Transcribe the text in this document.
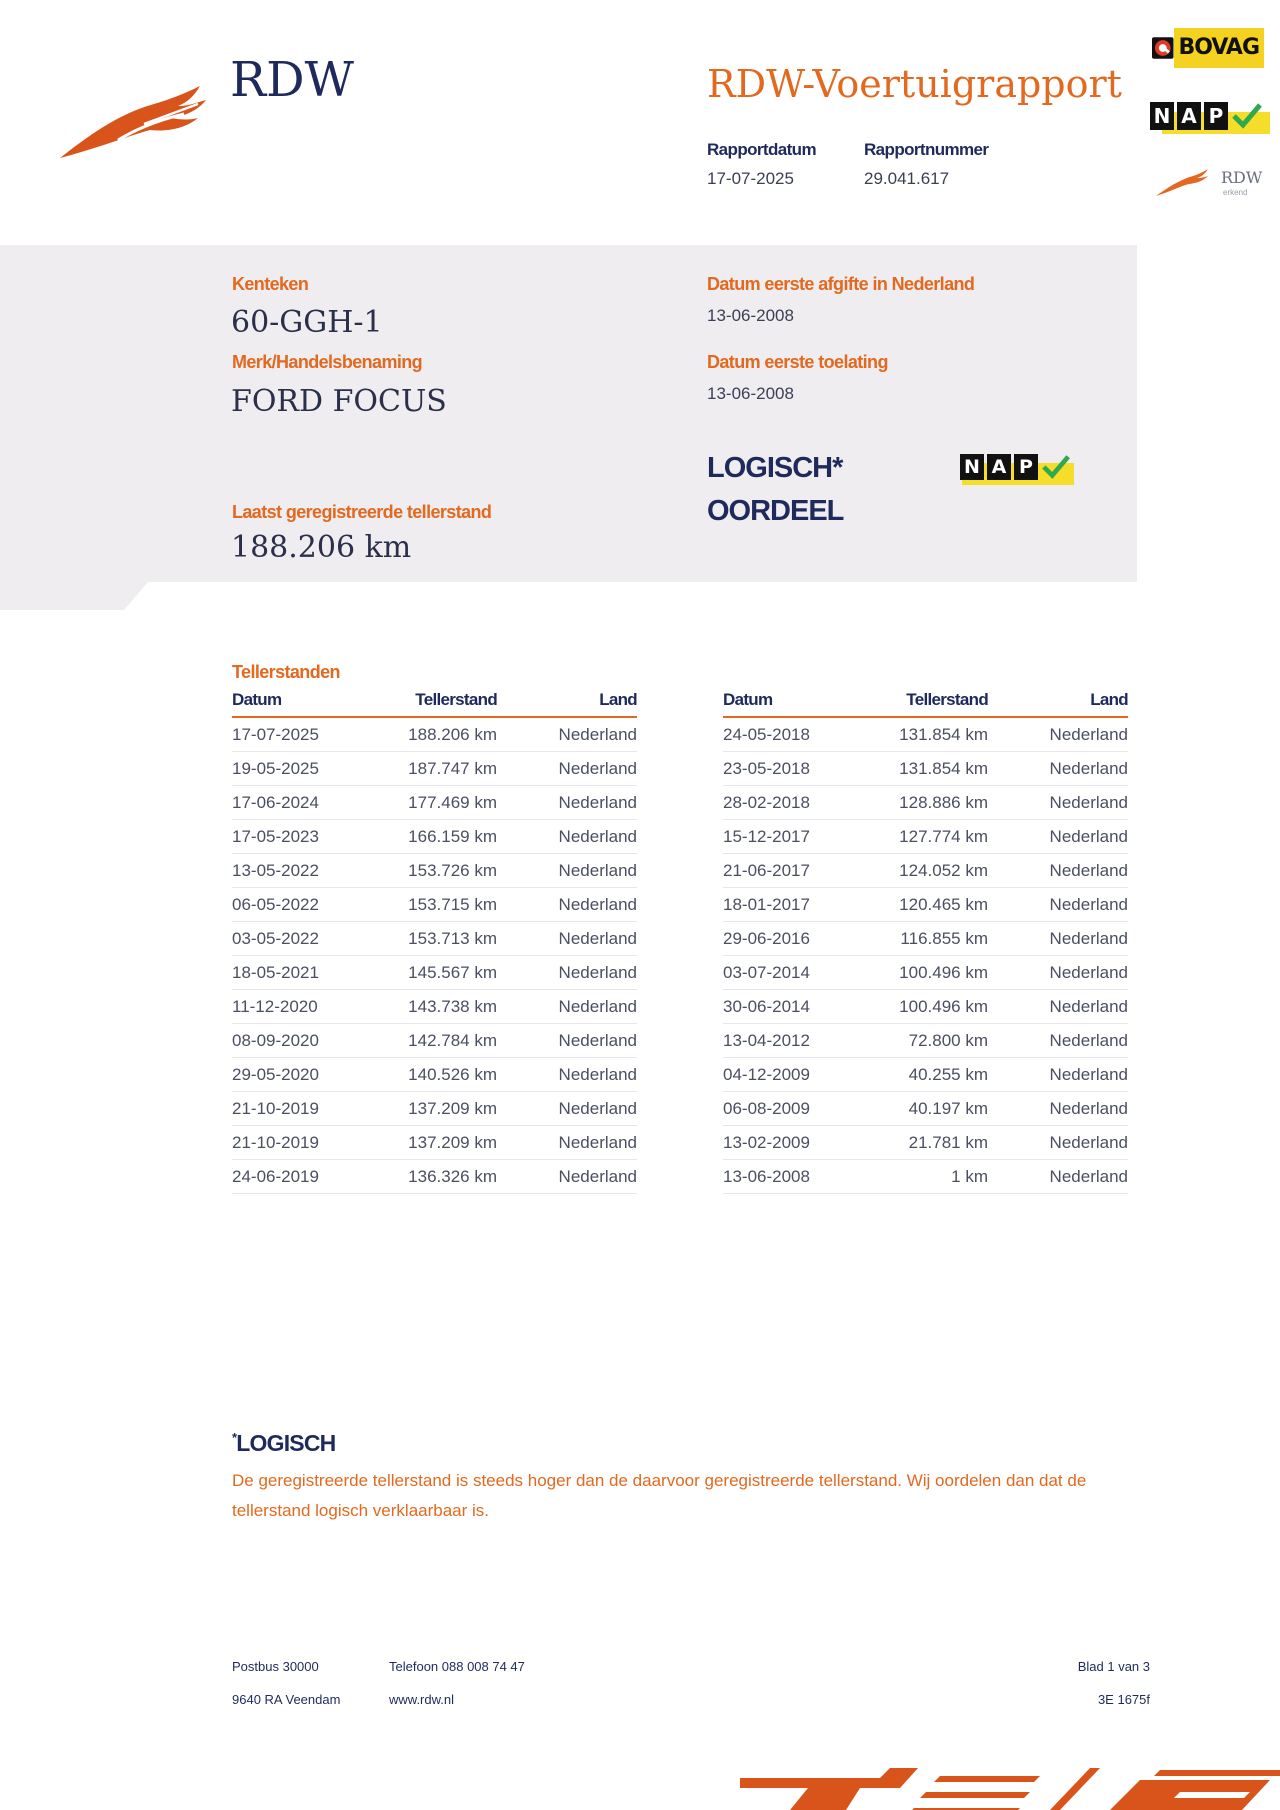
RDW	RDW-Voertuigrapport
Rapportdatum
17-07-2025
Rapportnummer
29.041.617
BOVAG
N A P
RDW
erkend
Kenteken
60-GGH-1
Merk/Handelsbenaming
FORD FOCUS
Laatst geregistreerde tellerstand
188.206 km
Datum eerste afgifte in Nederland
13-06-2008
Datum eerste toelating
13-06-2008
LOGISCH*
OORDEEL
N A P
Tellerstanden
Datum	Tellerstand	Land
17-07-2025	188.206 km	Nederland
19-05-2025	187.747 km	Nederland
17-06-2024	177.469 km	Nederland
17-05-2023	166.159 km	Nederland
13-05-2022	153.726 km	Nederland
06-05-2022	153.715 km	Nederland
03-05-2022	153.713 km	Nederland
18-05-2021	145.567 km	Nederland
11-12-2020	143.738 km	Nederland
08-09-2020	142.784 km	Nederland
29-05-2020	140.526 km	Nederland
21-10-2019	137.209 km	Nederland
21-10-2019	137.209 km	Nederland
24-06-2019	136.326 km	Nederland
Datum	Tellerstand	Land
24-05-2018	131.854 km	Nederland
23-05-2018	131.854 km	Nederland
28-02-2018	128.886 km	Nederland
15-12-2017	127.774 km	Nederland
21-06-2017	124.052 km	Nederland
18-01-2017	120.465 km	Nederland
29-06-2016	116.855 km	Nederland
03-07-2014	100.496 km	Nederland
30-06-2014	100.496 km	Nederland
13-04-2012	72.800 km	Nederland
04-12-2009	40.255 km	Nederland
06-08-2009	40.197 km	Nederland
13-02-2009	21.781 km	Nederland
13-06-2008	1 km	Nederland
*LOGISCH
De geregistreerde tellerstand is steeds hoger dan de daarvoor geregistreerde tellerstand. Wij oordelen dan dat de tellerstand logisch verklaarbaar is.
Postbus 30000
9640 RA Veendam
Telefoon 088 008 74 47
www.rdw.nl
Blad 1 van 3
3E 1675f
